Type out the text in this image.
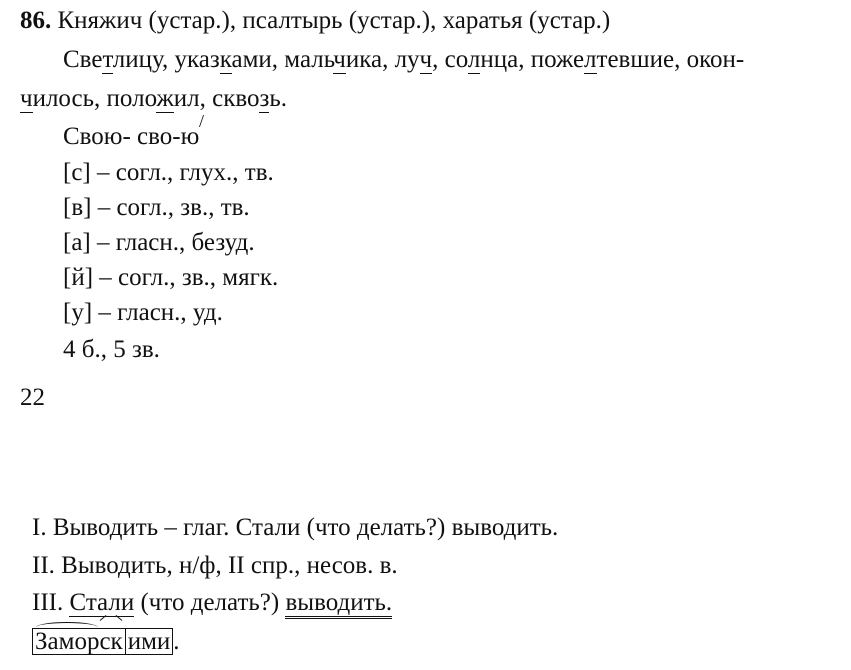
86. Княжич (устар.), псалтырь (устар.), харатья (устар.)
Светлицу, указками, мальчика, луч, солнца, пожелтевшие, окон-
чилось, положил, сквозь.
Свою- сво-ю
/
[с] – согл., глух., тв.
[в] – согл., зв., тв.
[а] – гласн., безуд.
[й] – согл., зв., мягк.
[у] – гласн., уд.
4 б., 5 зв.
22
I. Выводить – глаг. Стали (что делать?) выводить.
II. Выводить, н/ф, II спр., несов. в.
III. Стали (что делать?) выводить.
Заморск ими .
